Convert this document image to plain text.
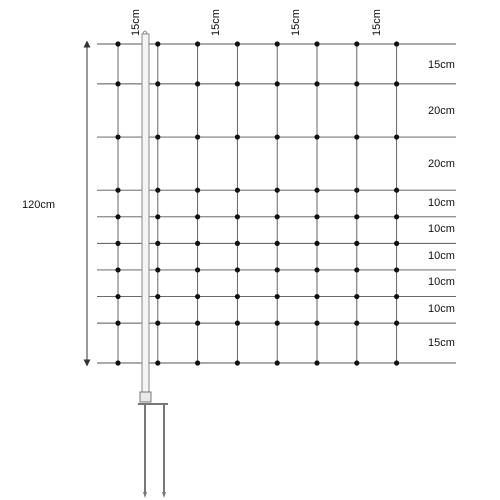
120cm
15cm	15cm	15cm	15cm
15cm
20cm
20cm
10cm
10cm
10cm
10cm
10cm
15cm
